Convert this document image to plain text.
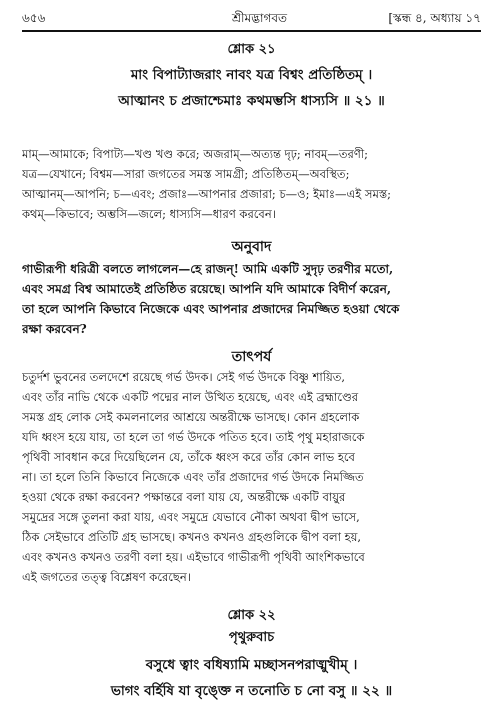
৬৫৬	শ্রীমদ্ভাগবত	[স্কন্ধ ৪, অধ্যায় ১৭
শ্লোক ২১
মাং বিপাট্যাজরাং নাবং যত্র বিশ্বং প্রতিষ্ঠিতম্ ।
আত্মানং চ প্রজাশ্চেমাঃ কথমম্ভসি ধাস্যসি ॥ ২১ ॥
মাম্—আমাকে; বিপাট্য—খণ্ড খণ্ড করে; অজরাম্—অত্যন্ত দৃঢ়; নাবম্—তরণী;
যত্র—যেখানে; বিশ্বম—সারা জগতের সমস্ত সামগ্রী; প্রতিষ্ঠিতম্—অবস্থিত;
আত্মানম্—আপনি; চ—এবং; প্রজাঃ—আপনার প্রজারা; চ—ও; ইমাঃ—এই সমস্ত;
কথম্—কিভাবে; অম্ভসি—জলে; ধাস্যসি—ধারণ করবেন।
অনুবাদ
গাভীরূপী ধরিত্রী বলতে লাগলেন—হে রাজন্! আমি একটি সুদৃঢ় তরণীর মতো,
এবং সমগ্র বিশ্ব আমাতেই প্রতিষ্ঠিত রয়েছে। আপনি যদি আমাকে বিদীর্ণ করেন,
তা হলে আপনি কিভাবে নিজেকে এবং আপনার প্রজাদের নিমজ্জিত হওয়া থেকে
রক্ষা করবেন?
তাৎপর্য
চতুর্দশ ভুবনের তলদেশে রয়েছে গর্ভ উদক। সেই গর্ভ উদকে বিষ্ণু শায়িত,
এবং তাঁর নাভি থেকে একটি পদ্মের নাল উত্থিত হয়েছে, এবং এই ব্রহ্মাণ্ডের
সমস্ত গ্রহ লোক সেই কমলনালের আশ্রয়ে অন্তরীক্ষে ভাসছে। কোন গ্রহলোক
যদি ধ্বংস হয়ে যায়, তা হলে তা গর্ভ উদকে পতিত হবে। তাই পৃথু মহারাজকে
পৃথিবী সাবধান করে দিয়েছিলেন যে, তাঁকে ধ্বংস করে তাঁর কোন লাভ হবে
না। তা হলে তিনি কিভাবে নিজেকে এবং তাঁর প্রজাদের গর্ভ উদকে নিমজ্জিত
হওয়া থেকে রক্ষা করবেন? পক্ষান্তরে বলা যায় যে, অন্তরীক্ষে একটি বায়ুর
সমুদ্রের সঙ্গে তুলনা করা যায়, এবং সমুদ্রে যেভাবে নৌকা অথবা দ্বীপ ভাসে,
ঠিক সেইভাবে প্রতিটি গ্রহ ভাসছে। কখনও কখনও গ্রহগুলিকে দ্বীপ বলা হয়,
এবং কখনও কখনও তরণী বলা হয়। এইভাবে গাভীরূপী পৃথিবী আংশিকভাবে
এই জগতের তত্ত্ব বিশ্লেষণ করেছেন।
শ্লোক ২২
পৃথুরুবাচ
বসুধে ত্বাং বধিষ্যামি মচ্ছাসনপরাঙ্মুখীম্ ।
ভাগং বর্হিষি যা বৃঙ্ক্তে ন তনোতি চ নো বসু ॥ ২২ ॥
